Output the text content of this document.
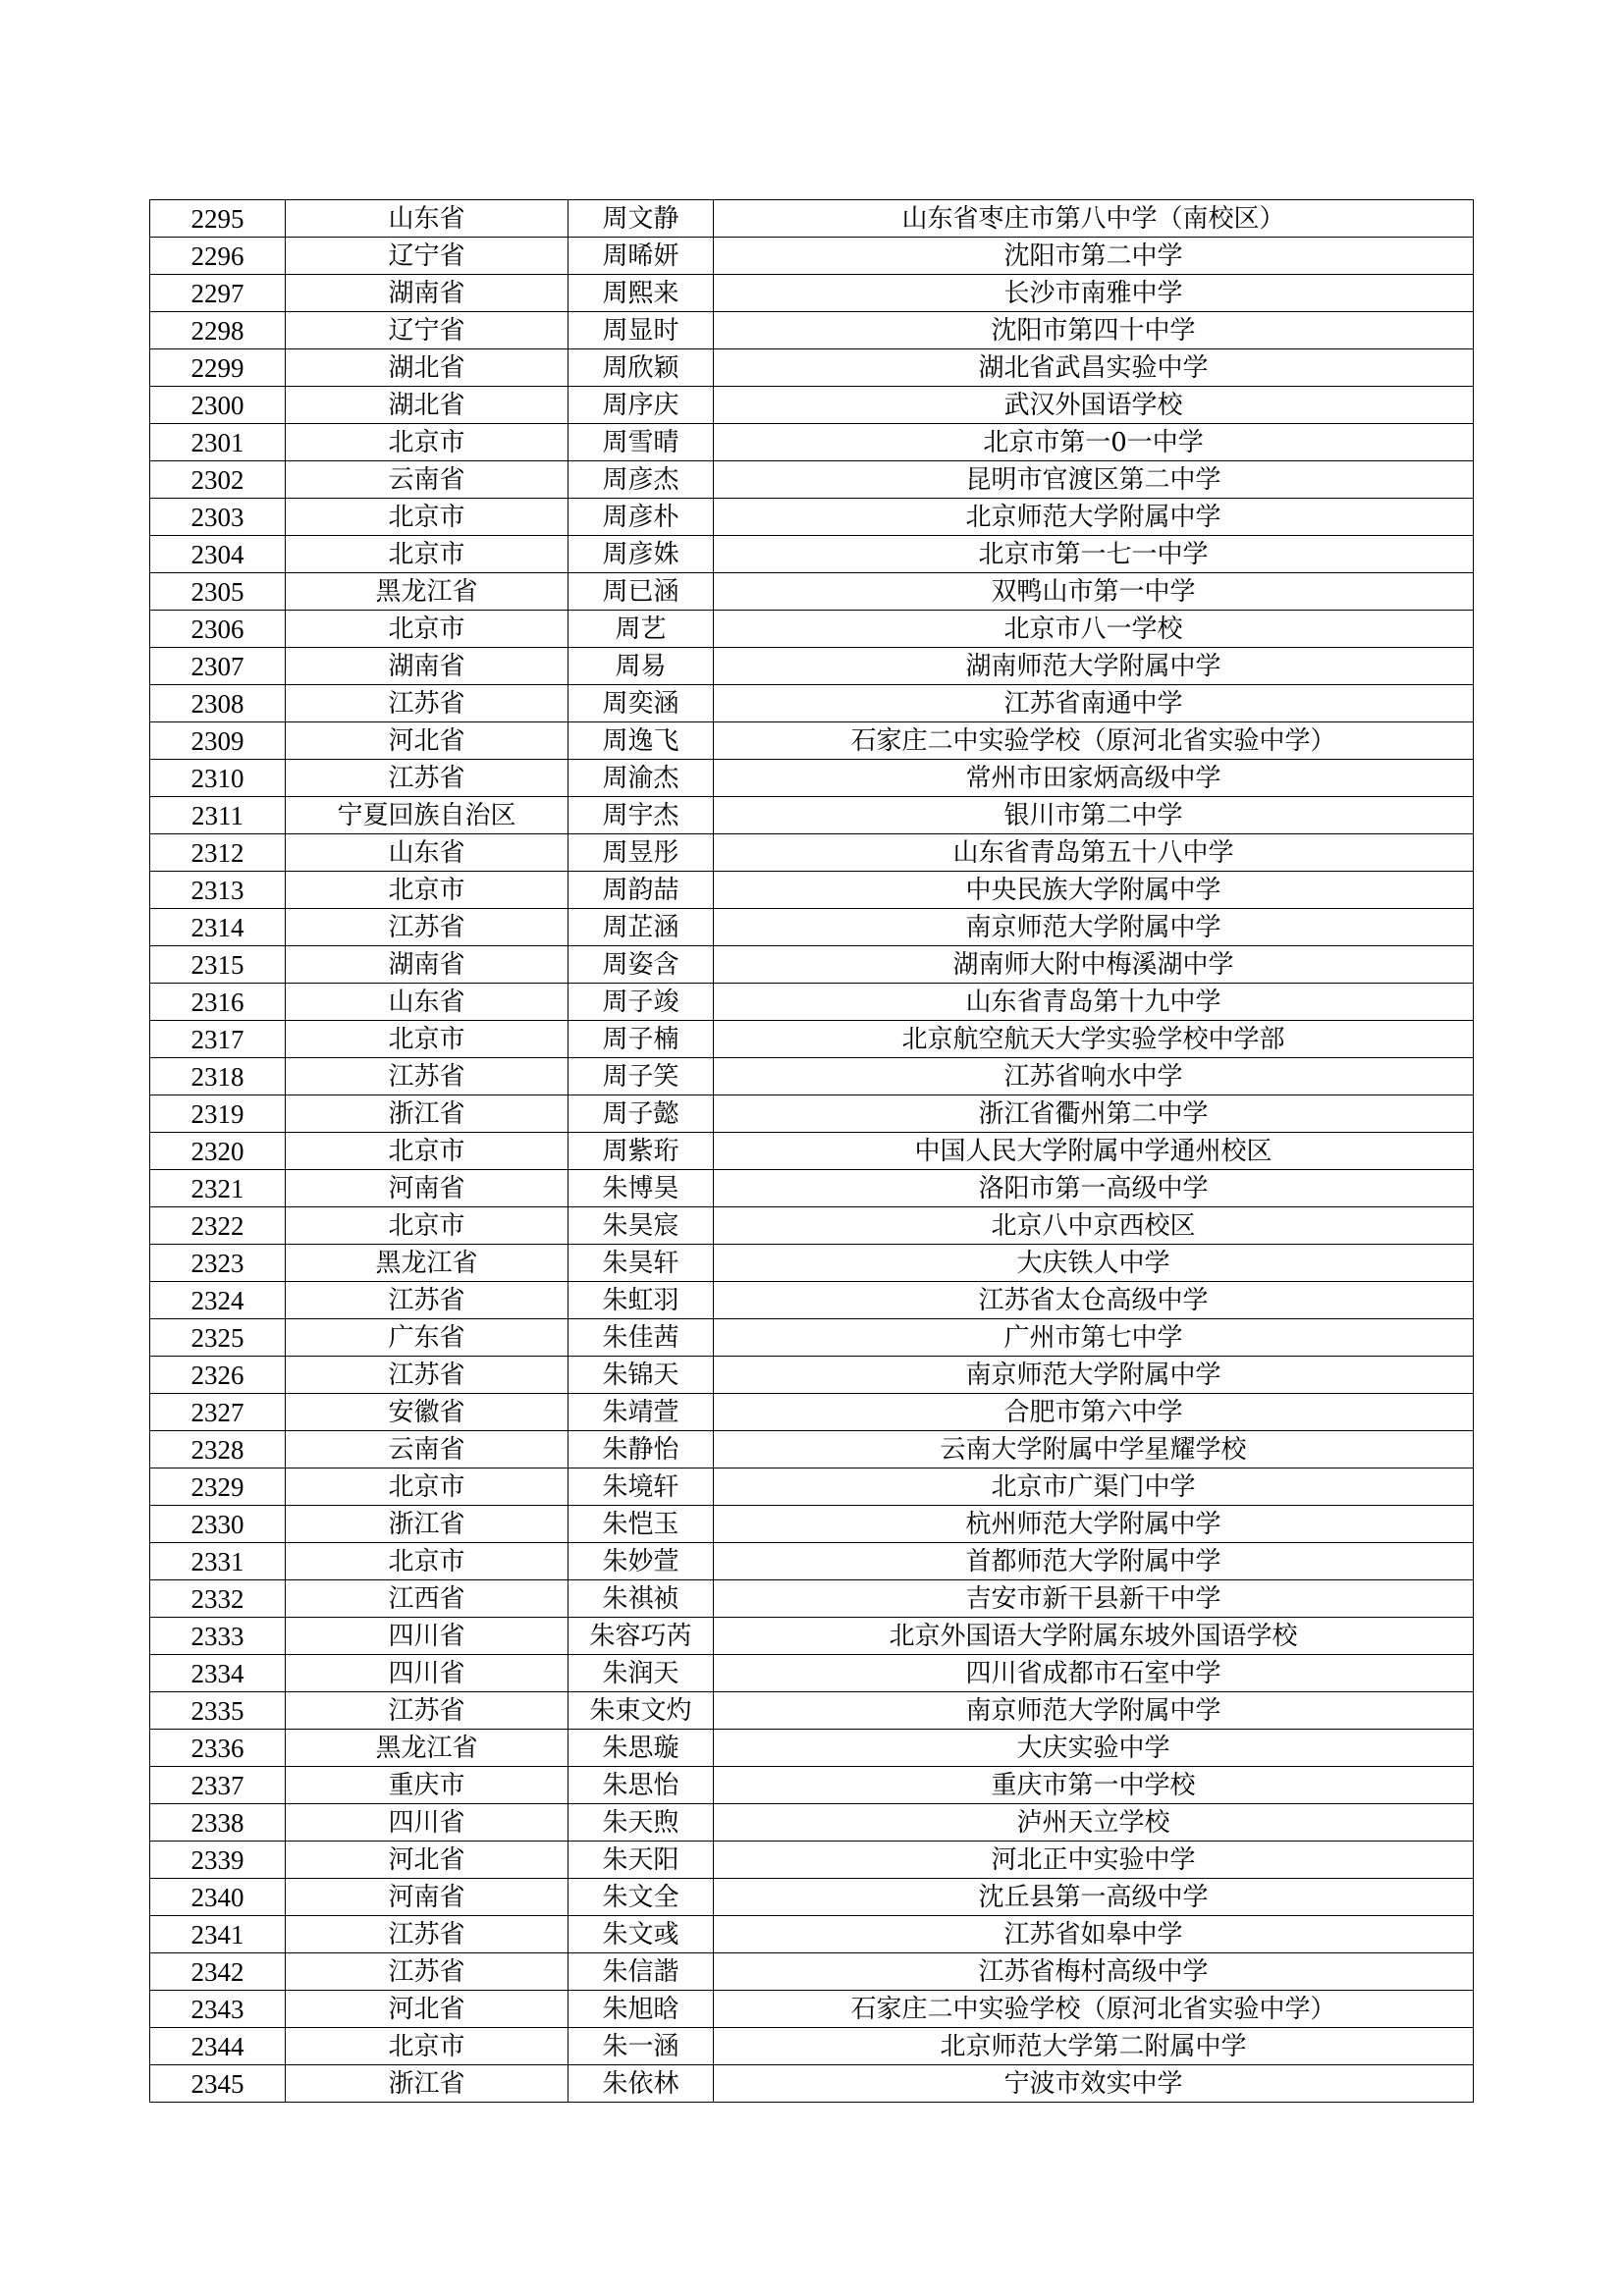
2295	山东省	周文静	山东省枣庄市第八中学（南校区）
2296	辽宁省	周晞妍	沈阳市第二中学
2297	湖南省	周熙来	长沙市南雅中学
2298	辽宁省	周显时	沈阳市第四十中学
2299	湖北省	周欣颖	湖北省武昌实验中学
2300	湖北省	周序庆	武汉外国语学校
2301	北京市	周雪晴	北京市第一0一中学
2302	云南省	周彦杰	昆明市官渡区第二中学
2303	北京市	周彦朴	北京师范大学附属中学
2304	北京市	周彦姝	北京市第一七一中学
2305	黑龙江省	周已涵	双鸭山市第一中学
2306	北京市	周艺	北京市八一学校
2307	湖南省	周易	湖南师范大学附属中学
2308	江苏省	周奕涵	江苏省南通中学
2309	河北省	周逸飞	石家庄二中实验学校（原河北省实验中学）
2310	江苏省	周渝杰	常州市田家炳高级中学
2311	宁夏回族自治区	周宇杰	银川市第二中学
2312	山东省	周昱彤	山东省青岛第五十八中学
2313	北京市	周韵喆	中央民族大学附属中学
2314	江苏省	周芷涵	南京师范大学附属中学
2315	湖南省	周姿含	湖南师大附中梅溪湖中学
2316	山东省	周子竣	山东省青岛第十九中学
2317	北京市	周子楠	北京航空航天大学实验学校中学部
2318	江苏省	周子笑	江苏省响水中学
2319	浙江省	周子懿	浙江省衢州第二中学
2320	北京市	周紫珩	中国人民大学附属中学通州校区
2321	河南省	朱博昊	洛阳市第一高级中学
2322	北京市	朱昊宸	北京八中京西校区
2323	黑龙江省	朱昊轩	大庆铁人中学
2324	江苏省	朱虹羽	江苏省太仓高级中学
2325	广东省	朱佳茜	广州市第七中学
2326	江苏省	朱锦天	南京师范大学附属中学
2327	安徽省	朱靖萱	合肥市第六中学
2328	云南省	朱静怡	云南大学附属中学星耀学校
2329	北京市	朱境轩	北京市广渠门中学
2330	浙江省	朱恺玉	杭州师范大学附属中学
2331	北京市	朱妙萱	首都师范大学附属中学
2332	江西省	朱祺祯	吉安市新干县新干中学
2333	四川省	朱容巧芮	北京外国语大学附属东坡外国语学校
2334	四川省	朱润天	四川省成都市石室中学
2335	江苏省	朱束文灼	南京师范大学附属中学
2336	黑龙江省	朱思璇	大庆实验中学
2337	重庆市	朱思怡	重庆市第一中学校
2338	四川省	朱天煦	泸州天立学校
2339	河北省	朱天阳	河北正中实验中学
2340	河南省	朱文全	沈丘县第一高级中学
2341	江苏省	朱文彧	江苏省如皋中学
2342	江苏省	朱信諧	江苏省梅村高级中学
2343	河北省	朱旭晗	石家庄二中实验学校（原河北省实验中学）
2344	北京市	朱一涵	北京师范大学第二附属中学
2345	浙江省	朱依林	宁波市效实中学
